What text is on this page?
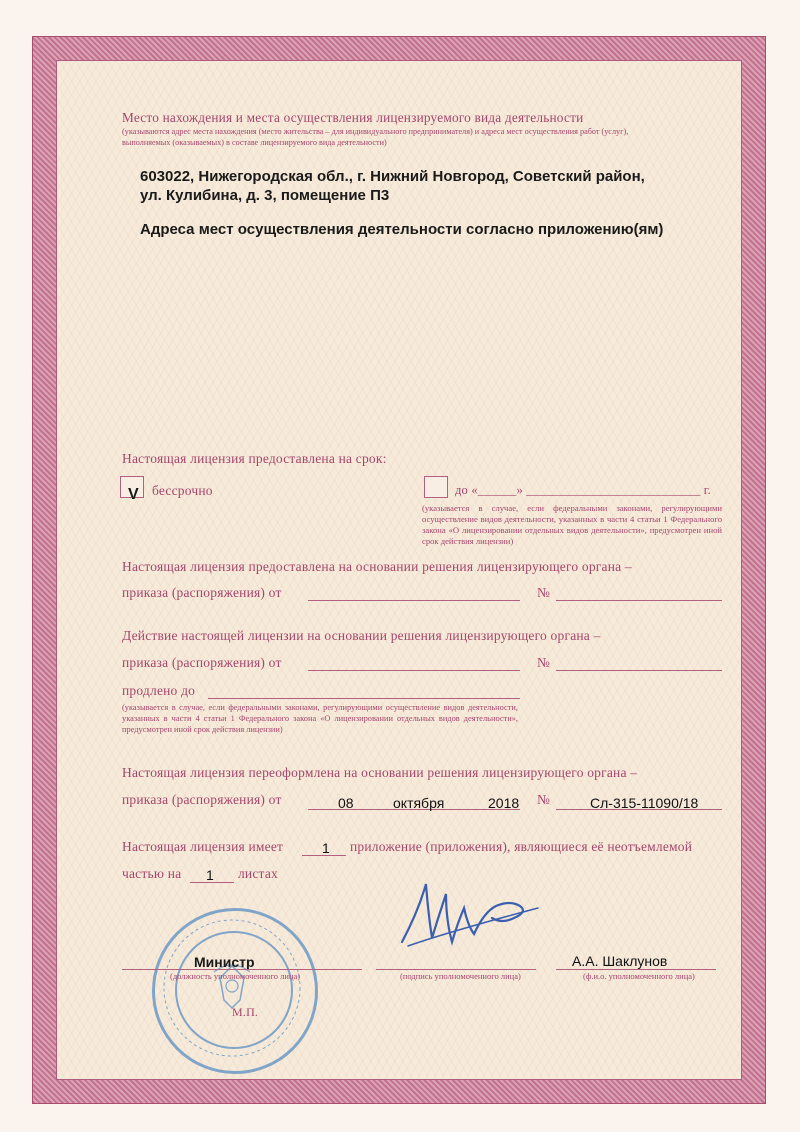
Место нахождения и места осуществления лицензируемого вида деятельности
(указываются адрес места нахождения (место жительства – для индивидуального предпринимателя) и адреса мест осуществления работ (услуг),
выполняемых (оказываемых) в составе лицензируемого вида деятельности)
603022, Нижегородская обл., г. Нижний Новгород, Советский район,
ул. Кулибина, д. 3, помещение П3
Адреса мест осуществления деятельности согласно приложению(ям)
Настоящая лицензия предоставлена на срок:
V бессрочно	до «______» ___________________________ г.
(указывается в случае, если федеральными законами, регулирующими осуществление видов деятельности, указанных в части 4 статьи 1 Федерального закона «О лицензировании отдельных видов деятельности», предусмотрен иной срок действия лицензии)
Настоящая лицензия предоставлена на основании решения лицензирующего органа –
приказа (распоряжения) от	№
Действие настоящей лицензии на основании решения лицензирующего органа –
приказа (распоряжения) от	№
продлено до
(указывается в случае, если федеральными законами, регулирующими осуществление видов деятельности, указанных в части 4 статьи 1 Федерального закона «О лицензировании отдельных видов деятельности», предусмотрен иной срок действия лицензии)
Настоящая лицензия переоформлена на основании решения лицензирующего органа –
приказа (распоряжения) от	08	октября	2018 №	Сл-315-11090/18
Настоящая лицензия имеет	1 приложение (приложения), являющиеся её неотъемлемой
частью на 1 листах
Министр
(должность уполномоченного лица)	(подпись уполномоченного лица)
А.А. Шаклунов
(ф.и.о. уполномоченного лица)
М.П.
